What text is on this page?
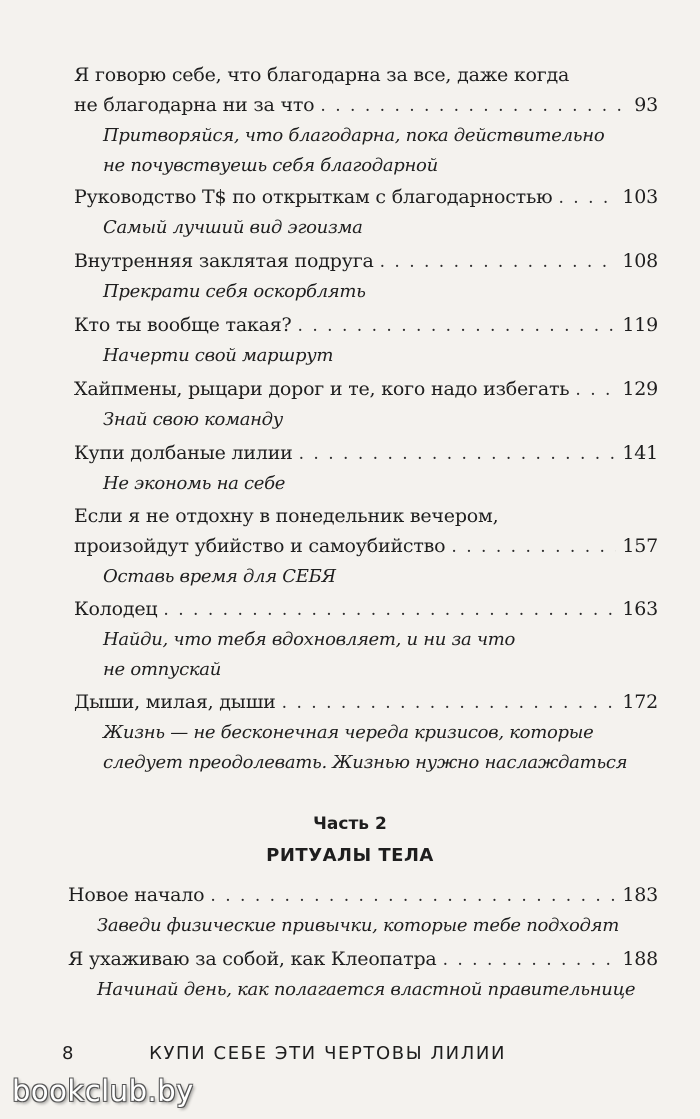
Я говорю себе, что благодарна за все, даже когда
не благодарна ни за что . . .	93
Притворяйся, что благодарна, пока действительно
не почувствуешь себя благодарной
Руководство T$ по открыткам с благодарностью . . .	103
Самый лучший вид эгоизма
Внутренняя заклятая подруга . . .	108
Прекрати себя оскорблять
Кто ты вообще такая? . . .	119
Начерти свой маршрут
Хайпмены, рыцари дорог и те, кого надо избегать . . .	129
Знай свою команду
Купи долбаные лилии . . .	141
Не экономь на себе
Если я не отдохну в понедельник вечером,
произойдут убийство и самоубийство . . .	157
Оставь время для СЕБЯ
Колодец . . .	163
Найди, что тебя вдохновляет, и ни за что
не отпускай
Дыши, милая, дыши . . .	172
Жизнь — не бесконечная череда кризисов, которые
следует преодолевать. Жизнью нужно наслаждаться
Часть 2
РИТУАЛЫ ТЕЛА
Новое начало . . .	183
Заведи физические привычки, которые тебе подходят
Я ухаживаю за собой, как Клеопатра . . .	188
Начинай день, как полагается властной правительнице
8	КУПИ СЕБЕ ЭТИ ЧЕРТОВЫ ЛИЛИИ
bookclub.by
